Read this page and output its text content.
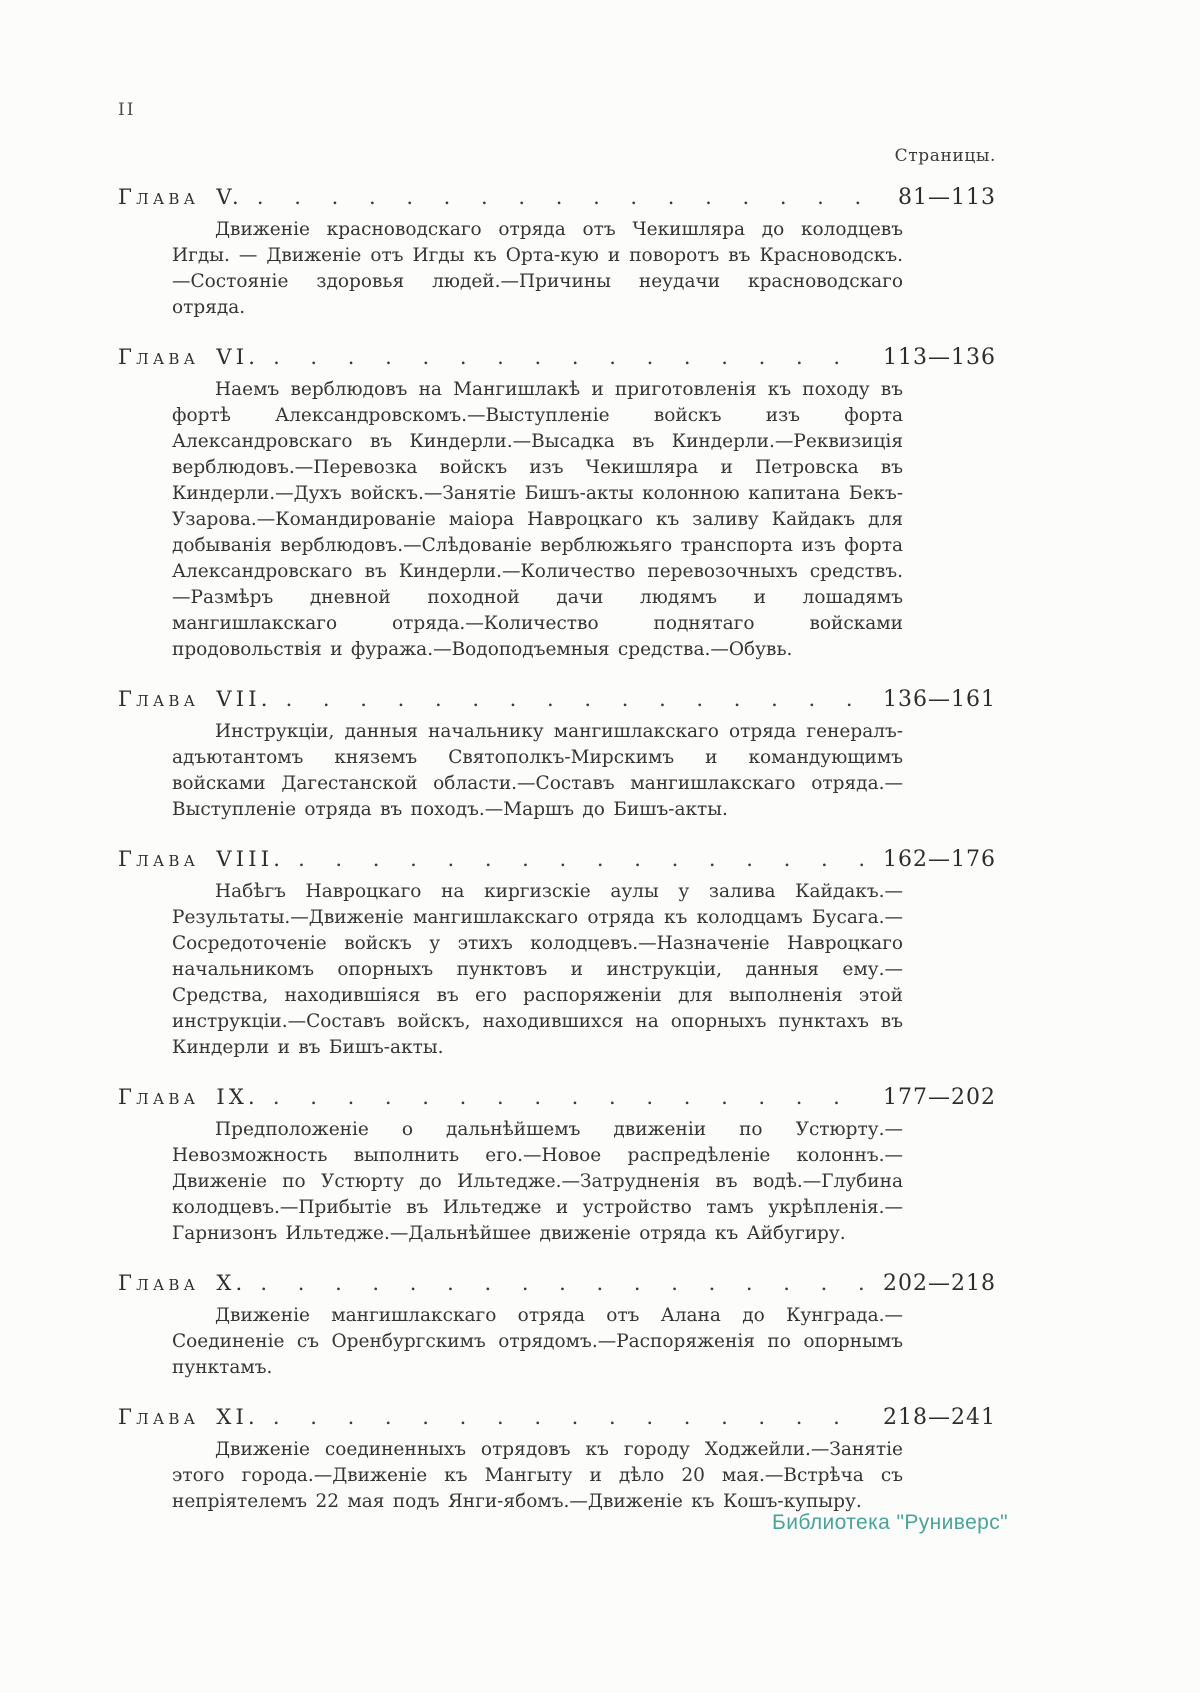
II
Страницы.
Глава V. . . .	81—113

Движеніе красноводскаго отряда отъ Чекишляра до колодцевъ Игды. — Движеніе отъ Игды къ Орта-кую и поворотъ въ Красноводскъ.—Состояніе здоровья людей.—Причины неудачи красноводскаго отряда.

Глава VI. . . .	113—136

Наемъ верблюдовъ на Мангишлакѣ и приготовленія къ походу въ фортѣ Александровскомъ.—Выступленіе войскъ изъ форта Александровскаго въ Киндерли.—Высадка въ Киндерли.—Реквизиція верблюдовъ.—Перевозка войскъ изъ Чекишляра и Петровска въ Киндерли.—Духъ войскъ.—Занятіе Бишъ-акты колонною капитана Бекъ-Узарова.—Командированіе маіора Навроцкаго къ заливу Кайдакъ для добыванія верблюдовъ.—Слѣдованіе верблюжьяго транспорта изъ форта Александровскаго въ Киндерли.—Количество перевозочныхъ средствъ.—Размѣръ дневной походной дачи людямъ и лошадямъ мангишлакскаго отряда.—Количество поднятаго войсками продовольствія и фуража.—Водоподъемныя средства.—Обувь.

Глава VII. . . .	136—161

Инструкціи, данныя начальнику мангишлакскаго отряда генералъ-адъютантомъ княземъ Святополкъ-Мирскимъ и командующимъ войсками Дагестанской области.—Составъ мангишлакскаго отряда.—Выступленіе отряда въ походъ.—Маршъ до Бишъ-акты.

Глава VIII. . . .	162—176

Набѣгъ Навроцкаго на киргизскіе аулы у залива Кайдакъ.—Результаты.—Движеніе мангишлакскаго отряда къ колодцамъ Бусага.—Сосредоточеніе войскъ у этихъ колодцевъ.—Назначеніе Навроцкаго начальникомъ опорныхъ пунктовъ и инструкціи, данныя ему.—Средства, находившіяся въ его распоряженіи для выполненія этой инструкціи.—Составъ войскъ, находившихся на опорныхъ пунктахъ въ Киндерли и въ Бишъ-акты.

Глава IX. . . .	177—202

Предположеніе о дальнѣйшемъ движеніи по Устюрту.—Невозможность выполнить его.—Новое распредѣленіе колоннъ.—Движеніе по Устюрту до Ильтедже.—Затрудненія въ водѣ.—Глубина колодцевъ.—Прибытіе въ Ильтедже и устройство тамъ укрѣпленія.—Гарнизонъ Ильтедже.—Дальнѣйшее движеніе отряда къ Айбугиру.

Глава X. . . .	202—218

Движеніе мангишлакскаго отряда отъ Алана до Кунграда.—Соединеніе съ Оренбургскимъ отрядомъ.—Распоряженія по опорнымъ пунктамъ.

Глава XI. . . .	218—241

Движеніе соединенныхъ отрядовъ къ городу Ходжейли.—Занятіе этого города.—Движеніе къ Мангыту и дѣло 20 мая.—Встрѣча съ непріятелемъ 22 мая подъ Янги-ябомъ.—Движеніе къ Кошъ-купыру.

Библиотека "Руниверс"
